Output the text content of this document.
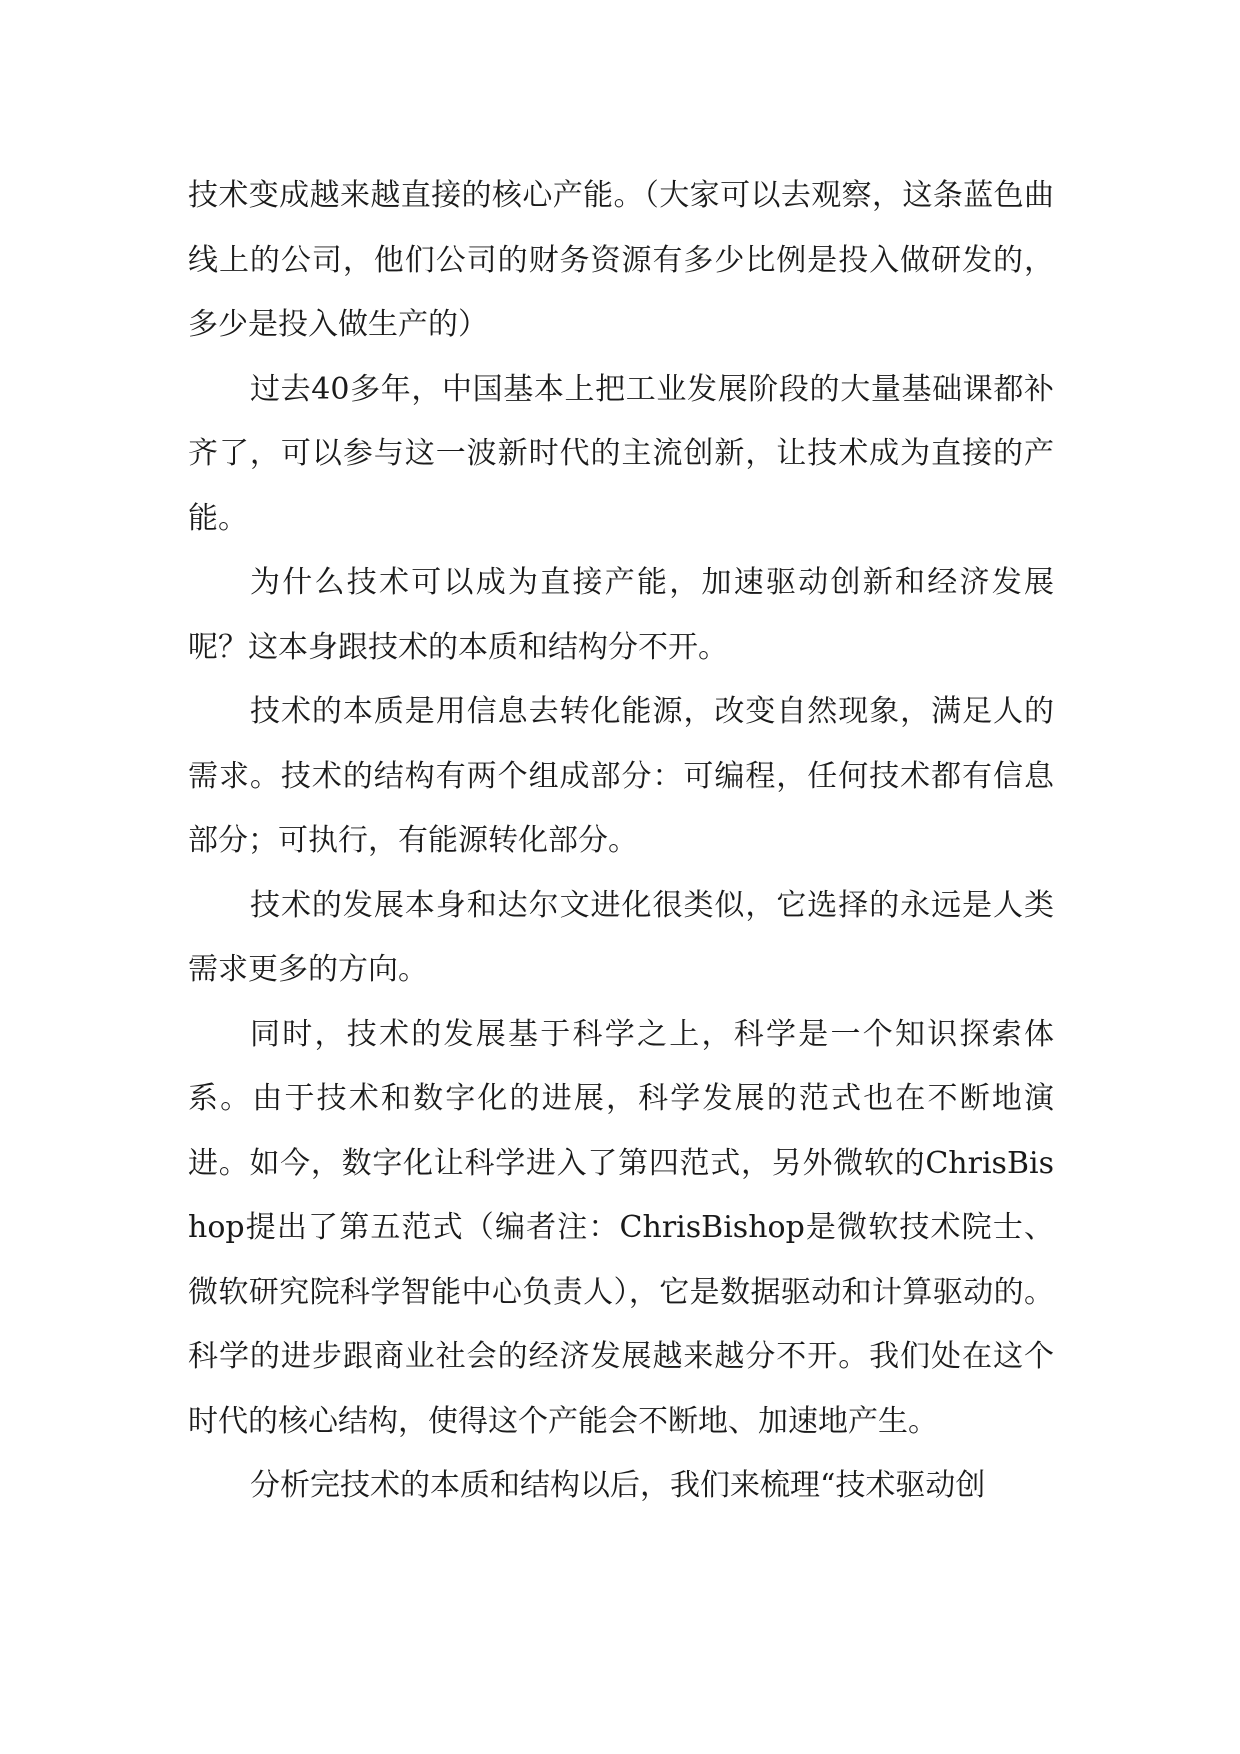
技术变成越来越直接的核心产能。（大家可以去观察，这条蓝色曲线上的公司，他们公司的财务资源有多少比例是投入做研发的，多少是投入做生产的）

过去40多年，中国基本上把工业发展阶段的大量基础课都补齐了，可以参与这一波新时代的主流创新，让技术成为直接的产能。

为什么技术可以成为直接产能，加速驱动创新和经济发展呢？这本身跟技术的本质和结构分不开。

技术的本质是用信息去转化能源，改变自然现象，满足人的需求。技术的结构有两个组成部分：可编程，任何技术都有信息部分；可执行，有能源转化部分。

技术的发展本身和达尔文进化很类似，它选择的永远是人类需求更多的方向。

同时，技术的发展基于科学之上，科学是一个知识探索体系。由于技术和数字化的进展，科学发展的范式也在不断地演进。如今，数字化让科学进入了第四范式，另外微软的ChrisBishop提出了第五范式（编者注：ChrisBishop是微软技术院士、微软研究院科学智能中心负责人），它是数据驱动和计算驱动的。科学的进步跟商业社会的经济发展越来越分不开。我们处在这个时代的核心结构，使得这个产能会不断地、加速地产生。

分析完技术的本质和结构以后，我们来梳理“技术驱动创
